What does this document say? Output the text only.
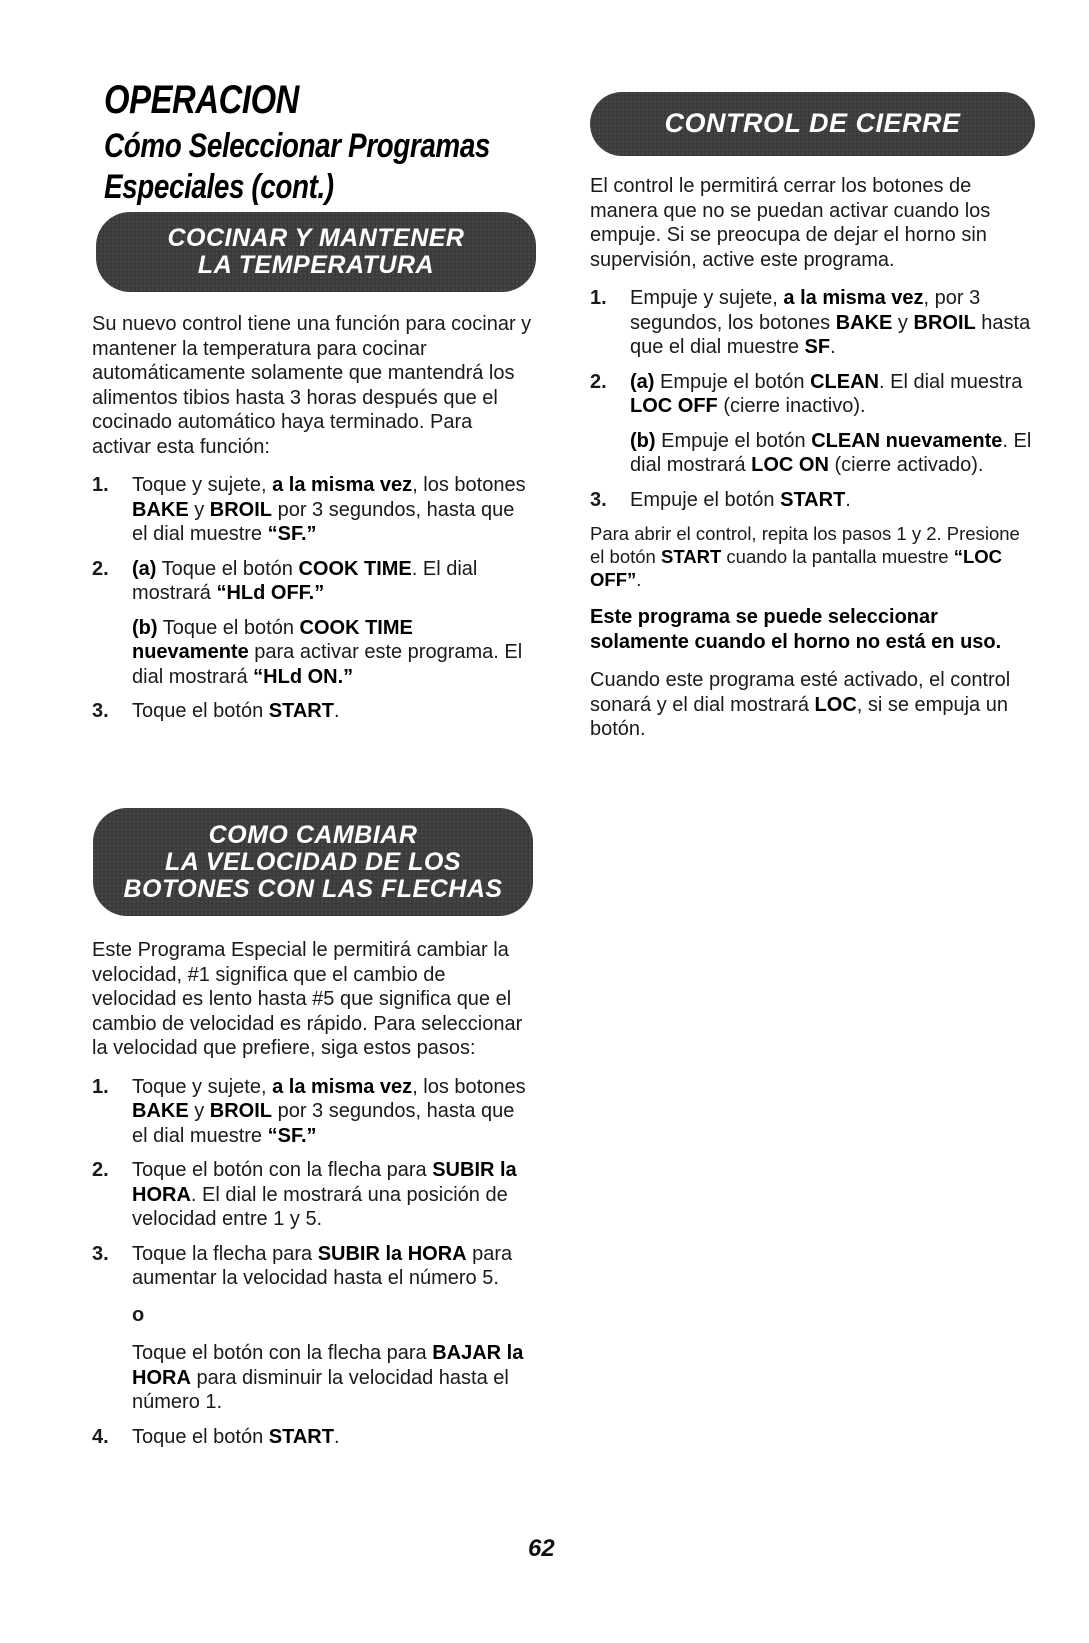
OPERACION
Cómo Seleccionar Programas
Especiales (cont.)
COCINAR Y MANTENER
LA TEMPERATURA

Su nuevo control tiene una función para cocinar y mantener la temperatura para cocinar automáticamente solamente que mantendrá los alimentos tibios hasta 3 horas después que el cocinado automático haya terminado. Para activar esta función:

1. Toque y sujete, a la misma vez, los botones BAKE y BROIL por 3 segundos, hasta que el dial muestre “SF.”
2. (a) Toque el botón COOK TIME. El dial mostrará “HLd OFF.”
(b) Toque el botón COOK TIME nuevamente para activar este programa. El dial mostrará “HLd ON.”
3. Toque el botón START.
COMO CAMBIAR
LA VELOCIDAD DE LOS
BOTONES CON LAS FLECHAS

Este Programa Especial le permitirá cambiar la velocidad, #1 significa que el cambio de velocidad es lento hasta #5 que significa que el cambio de velocidad es rápido. Para seleccionar la velocidad que prefiere, siga estos pasos:

1. Toque y sujete, a la misma vez, los botones BAKE y BROIL por 3 segundos, hasta que el dial muestre “SF.”
2. Toque el botón con la flecha para SUBIR la HORA. El dial le mostrará una posición de velocidad entre 1 y 5.
3. Toque la flecha para SUBIR la HORA para aumentar la velocidad hasta el número 5.
o
Toque el botón con la flecha para BAJAR la HORA para disminuir la velocidad hasta el número 1.
4. Toque el botón START.
CONTROL DE CIERRE

El control le permitirá cerrar los botones de manera que no se puedan activar cuando los empuje. Si se preocupa de dejar el horno sin supervisión, active este programa.

1. Empuje y sujete, a la misma vez, por 3 segundos, los botones BAKE y BROIL hasta que el dial muestre SF.
2. (a) Empuje el botón CLEAN. El dial muestra LOC OFF (cierre inactivo).
(b) Empuje el botón CLEAN nuevamente. El dial mostrará LOC ON (cierre activado).
3. Empuje el botón START.

Para abrir el control, repita los pasos 1 y 2. Presione el botón START cuando la pantalla muestre “LOC OFF”.

Este programa se puede seleccionar solamente cuando el horno no está en uso.

Cuando este programa esté activado, el control sonará y el dial mostrará LOC, si se empuja un botón.

62
